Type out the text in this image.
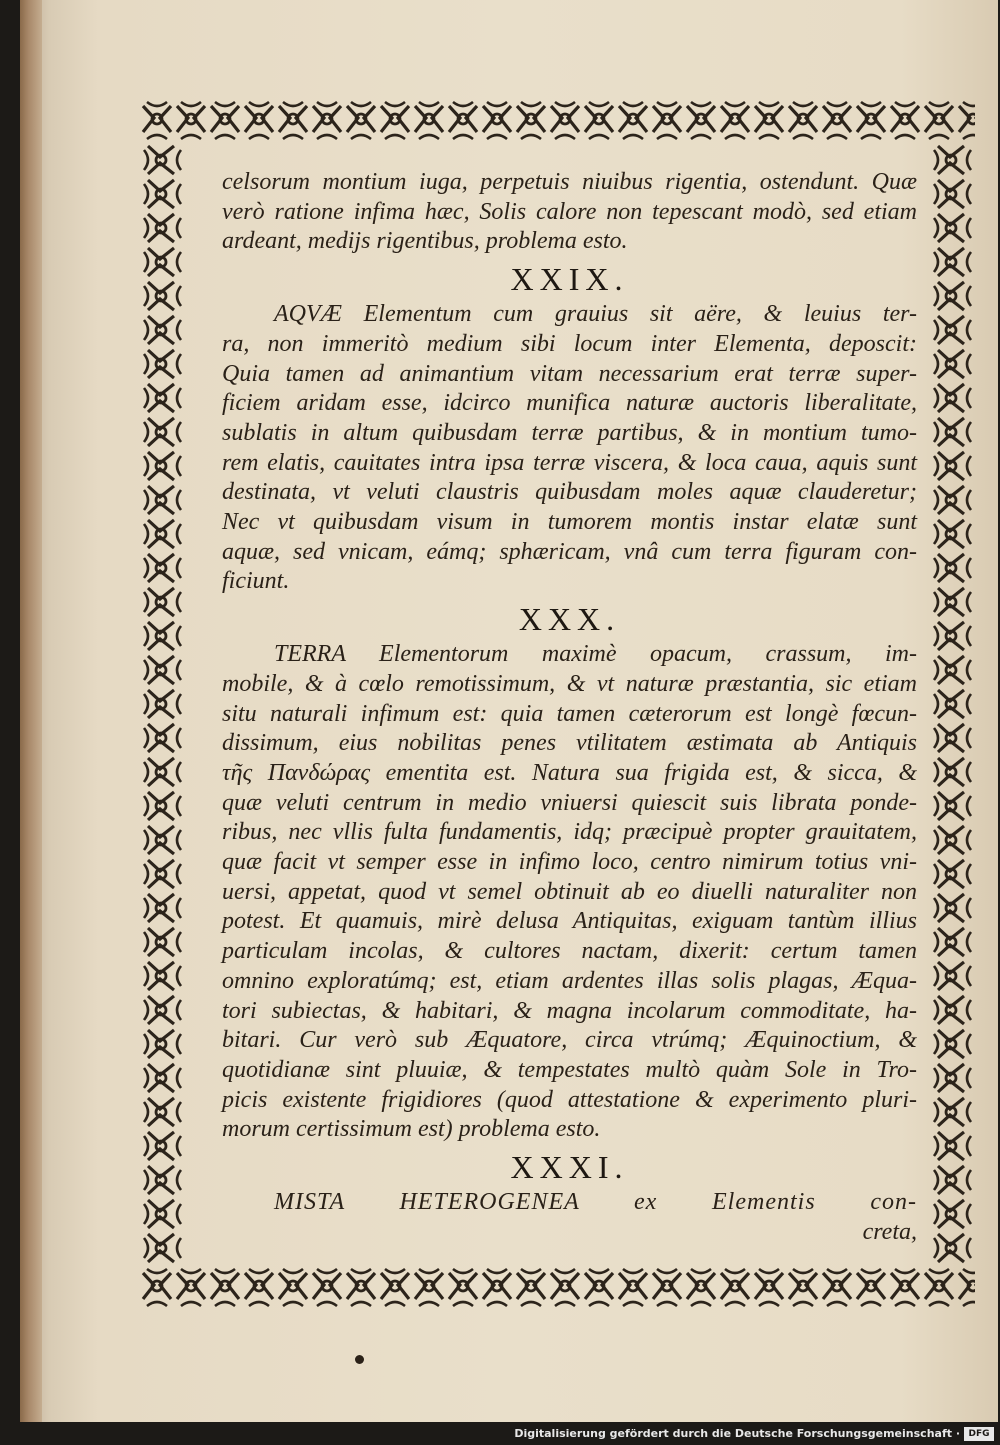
celsorum montium iuga, perpetuis niuibus rigentia, ostendunt. Quæ
verò ratione infima hæc, Solis calore non tepescant modò, sed etiam
ardeant, medijs rigentibus, problema esto.
XXIX.
AQVÆ Elementum cum grauius sit aëre, & leuius ter-
ra, non immeritò medium sibi locum inter Elementa, deposcit:
Quia tamen ad animantium vitam necessarium erat terræ super-
ficiem aridam esse, idcirco munifica naturæ auctoris liberalitate,
sublatis in altum quibusdam terræ partibus, & in montium tumo-
rem elatis, cauitates intra ipsa terræ viscera, & loca caua, aquis sunt
destinata, vt veluti claustris quibusdam moles aquæ clauderetur;
Nec vt quibusdam visum in tumorem montis instar elatæ sunt
aquæ, sed vnicam, eámq; sphæricam, vnâ cum terra figuram con-
ficiunt.
XXX.
TERRA Elementorum maximè opacum, crassum, im-
mobile, & à cœlo remotissimum, & vt naturæ præstantia, sic etiam
situ naturali infimum est: quia tamen cæterorum est longè fœcun-
dissimum, eius nobilitas penes vtilitatem æstimata ab Antiquis
τῆς Πανδώρας ementita est. Natura sua frigida est, & sicca, &
quæ veluti centrum in medio vniuersi quiescit suis librata ponde-
ribus, nec vllis fulta fundamentis, idq; præcipuè propter grauitatem,
quæ facit vt semper esse in infimo loco, centro nimirum totius vni-
uersi, appetat, quod vt semel obtinuit ab eo diuelli naturaliter non
potest. Et quamuis, mirè delusa Antiquitas, exiguam tantùm illius
particulam incolas, & cultores nactam, dixerit: certum tamen
omnino exploratúmq; est, etiam ardentes illas solis plagas, Æqua-
tori subiectas, & habitari, & magna incolarum commoditate, ha-
bitari. Cur verò sub Æquatore, circa vtrúmq; Æquinoctium, &
quotidianæ sint pluuiæ, & tempestates multò quàm Sole in Tro-
picis existente frigidiores (quod attestatione & experimento pluri-
morum certissimum est) problema esto.
XXXI.
MISTA HETEROGENEA ex Elementis con-
creta,
Digitalisierung gefördert durch die Deutsche Forschungsgemeinschaft · DFG
